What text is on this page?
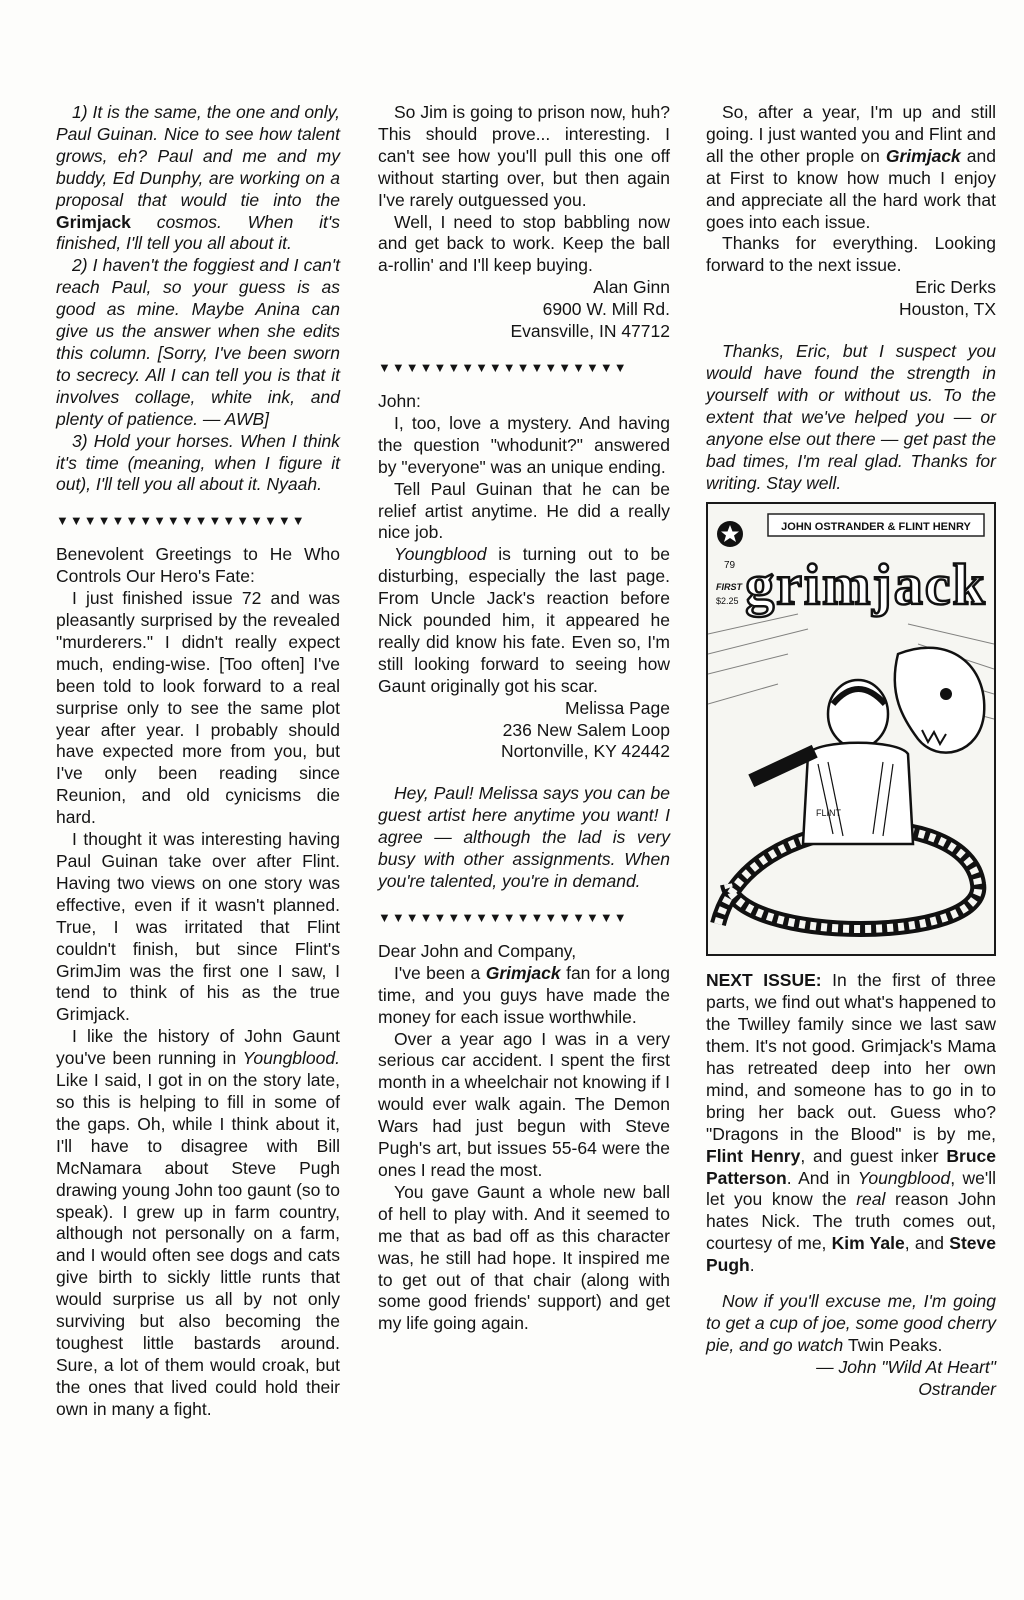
1) It is the same, the one and only, Paul Guinan. Nice to see how talent grows, eh? Paul and me and my buddy, Ed Dunphy, are working on a proposal that would tie into the Grimjack cosmos. When it's finished, I'll tell you all about it.

2) I haven't the foggiest and I can't reach Paul, so your guess is as good as mine. Maybe Anina can give us the answer when she edits this column. [Sorry, I've been sworn to secrecy. All I can tell you is that it involves collage, white ink, and plenty of patience. — AWB]

3) Hold your horses. When I think it's time (meaning, when I figure it out), I'll tell you all about it. Nyaah.

▼▼▼▼▼▼▼▼▼▼▼▼▼▼▼▼▼▼

Benevolent Greetings to He Who Controls Our Hero's Fate:

I just finished issue 72 and was pleasantly surprised by the revealed "murderers." I didn't really expect much, ending-wise. [Too often] I've been told to look forward to a real surprise only to see the same plot year after year. I probably should have expected more from you, but I've only been reading since Reunion, and old cynicisms die hard.

I thought it was interesting having Paul Guinan take over after Flint. Having two views on one story was effective, even if it wasn't planned. True, I was irritated that Flint couldn't finish, but since Flint's GrimJim was the first one I saw, I tend to think of his as the true Grimjack.

I like the history of John Gaunt you've been running in Youngblood. Like I said, I got in on the story late, so this is helping to fill in some of the gaps. Oh, while I think about it, I'll have to disagree with Bill McNamara about Steve Pugh drawing young John too gaunt (so to speak). I grew up in farm country, although not personally on a farm, and I would often see dogs and cats give birth to sickly little runts that would surprise us all by not only surviving but also becoming the toughest little bastards around. Sure, a lot of them would croak, but the ones that lived could hold their own in many a fight.

So Jim is going to prison now, huh? This should prove... interesting. I can't see how you'll pull this one off without starting over, but then again I've rarely outguessed you.

Well, I need to stop babbling now and get back to work. Keep the ball a-rollin' and I'll keep buying.

Alan Ginn

6900 W. Mill Rd.

Evansville, IN 47712

▼▼▼▼▼▼▼▼▼▼▼▼▼▼▼▼▼▼

John:

I, too, love a mystery. And having the question "whodunit?" answered by "everyone" was an unique ending.

Tell Paul Guinan that he can be relief artist anytime. He did a really nice job.

Youngblood is turning out to be disturbing, especially the last page. From Uncle Jack's reaction before Nick pounded him, it appeared he really did know his fate. Even so, I'm still looking forward to seeing how Gaunt originally got his scar.

Melissa Page

236 New Salem Loop

Nortonville, KY 42442

Hey, Paul! Melissa says you can be guest artist here anytime you want! I agree — although the lad is very busy with other assignments. When you're talented, you're in demand.

▼▼▼▼▼▼▼▼▼▼▼▼▼▼▼▼▼▼

Dear John and Company,

I've been a Grimjack fan for a long time, and you guys have made the money for each issue worthwhile.

Over a year ago I was in a very serious car accident. I spent the first month in a wheelchair not knowing if I would ever walk again. The Demon Wars had just begun with Steve Pugh's art, but issues 55-64 were the ones I read the most.

You gave Gaunt a whole new ball of hell to play with. And it seemed to me that as bad off as this character was, he still had hope. It inspired me to get out of that chair (along with some good friends' support) and get my life going again.

So, after a year, I'm up and still going. I just wanted you and Flint and all the other prople on Grimjack and at First to know how much I enjoy and appreciate all the hard work that goes into each issue.

Thanks for everything. Looking forward to the next issue.

Eric Derks

Houston, TX

Thanks, Eric, but I suspect you would have found the strength in yourself with or without us. To the extent that we've helped you — or anyone else out there — get past the bad times, I'm real glad. Thanks for writing. Stay well.

JOHN OSTRANDER & FLINT HENRY
79
FIRST
$2.25 grimjack
FLINT

NEXT ISSUE: In the first of three parts, we find out what's happened to the Twilley family since we last saw them. It's not good. Grimjack's Mama has retreated deep into her own mind, and someone has to go in to bring her back out. Guess who? "Dragons in the Blood" is by me, Flint Henry, and guest inker Bruce Patterson. And in Youngblood, we'll let you know the real reason John hates Nick. The truth comes out, courtesy of me, Kim Yale, and Steve Pugh.

Now if you'll excuse me, I'm going to get a cup of joe, some good cherry pie, and go watch Twin Peaks.

— John "Wild At Heart"

Ostrander
